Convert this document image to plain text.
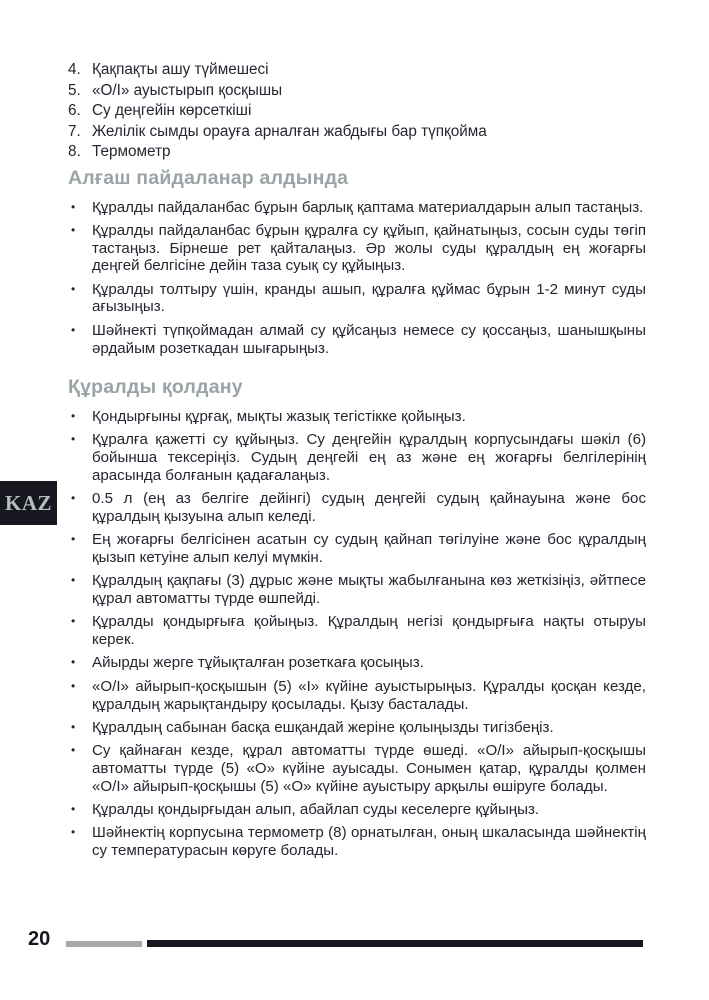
4. Қақпақты ашу түймешесі
5. «O/I» ауыстырып қосқышы
6. Су деңгейін көрсеткіші
7. Желілік сымды орауға арналған жабдығы бар түпқойма
8. Термометр
Алғаш пайдаланар алдында
•	Құралды пайдаланбас бұрын барлық қаптама материалдарын алып тастаңыз.

•	Құралды пайдаланбас бұрын құралға су құйып, қайнатыңыз, сосын суды төгіп тастаңыз. Бірнеше рет қайталаңыз. Әр жолы суды құралдың ең жоғарғы деңгей белгісіне дейін таза суық су құйыңыз.

•	Құралды толтыру үшін, кранды ашып, құралға құймас бұрын 1-2 минут суды ағызыңыз.

•	Шәйнекті түпқоймадан алмай су құйсаңыз немесе су қоссаңыз, шанышқыны әрдайым розеткадан шығарыңыз.

Құралды қолдану
•	Қондырғыны құрғақ, мықты жазық тегістікке қойыңыз.

•	Құралға қажетті су құйыңыз. Су деңгейін құралдың корпусындағы шәкіл (6) бойынша тексеріңіз. Судың деңгейі ең аз және ең жоғарғы белгілерінің арасында болғанын қадағалаңыз.

•	0.5 л (ең аз белгіге дейінгі) судың деңгейі судың қайнауына және бос құралдың қызуына алып келеді.

•	Ең жоғарғы белгісінен асатын су судың қайнап төгілуіне және бос құралдың қызып кетуіне алып келуі мүмкін.

•	Құралдың қақпағы (3) дұрыс және мықты жабылғанына көз жеткізіңіз, әйтпесе құрал автоматты түрде өшпейді.

•	Құралды қондырғыға қойыңыз. Құралдың негізі қондырғыға нақты отыруы керек.

•	Айырды жерге тұйықталған розеткаға қосыңыз.

•	«O/I» айырып-қосқышын (5) «I» күйіне ауыстырыңыз. Құралды қосқан кезде, құралдың жарықтандыру қосылады. Қызу басталады.

•	Құралдың сабынан басқа ешқандай жеріне қолыңызды тигізбеңіз.

•	Су қайнаған кезде, құрал автоматты түрде өшеді. «O/I» айырып-қосқышы автоматты түрде (5) «O» күйіне ауысады. Сонымен қатар, құралды қолмен «O/I» айырып-қосқышы (5) «O» күйіне ауыстыру арқылы өшіруге болады.

•	Құралды қондырғыдан алып, абайлап суды кеселерге құйыңыз.

•	Шәйнектің корпусына термометр (8) орнатылған, оның шкаласында шәйнектің су температурасын көруге болады.

KAZ
20
